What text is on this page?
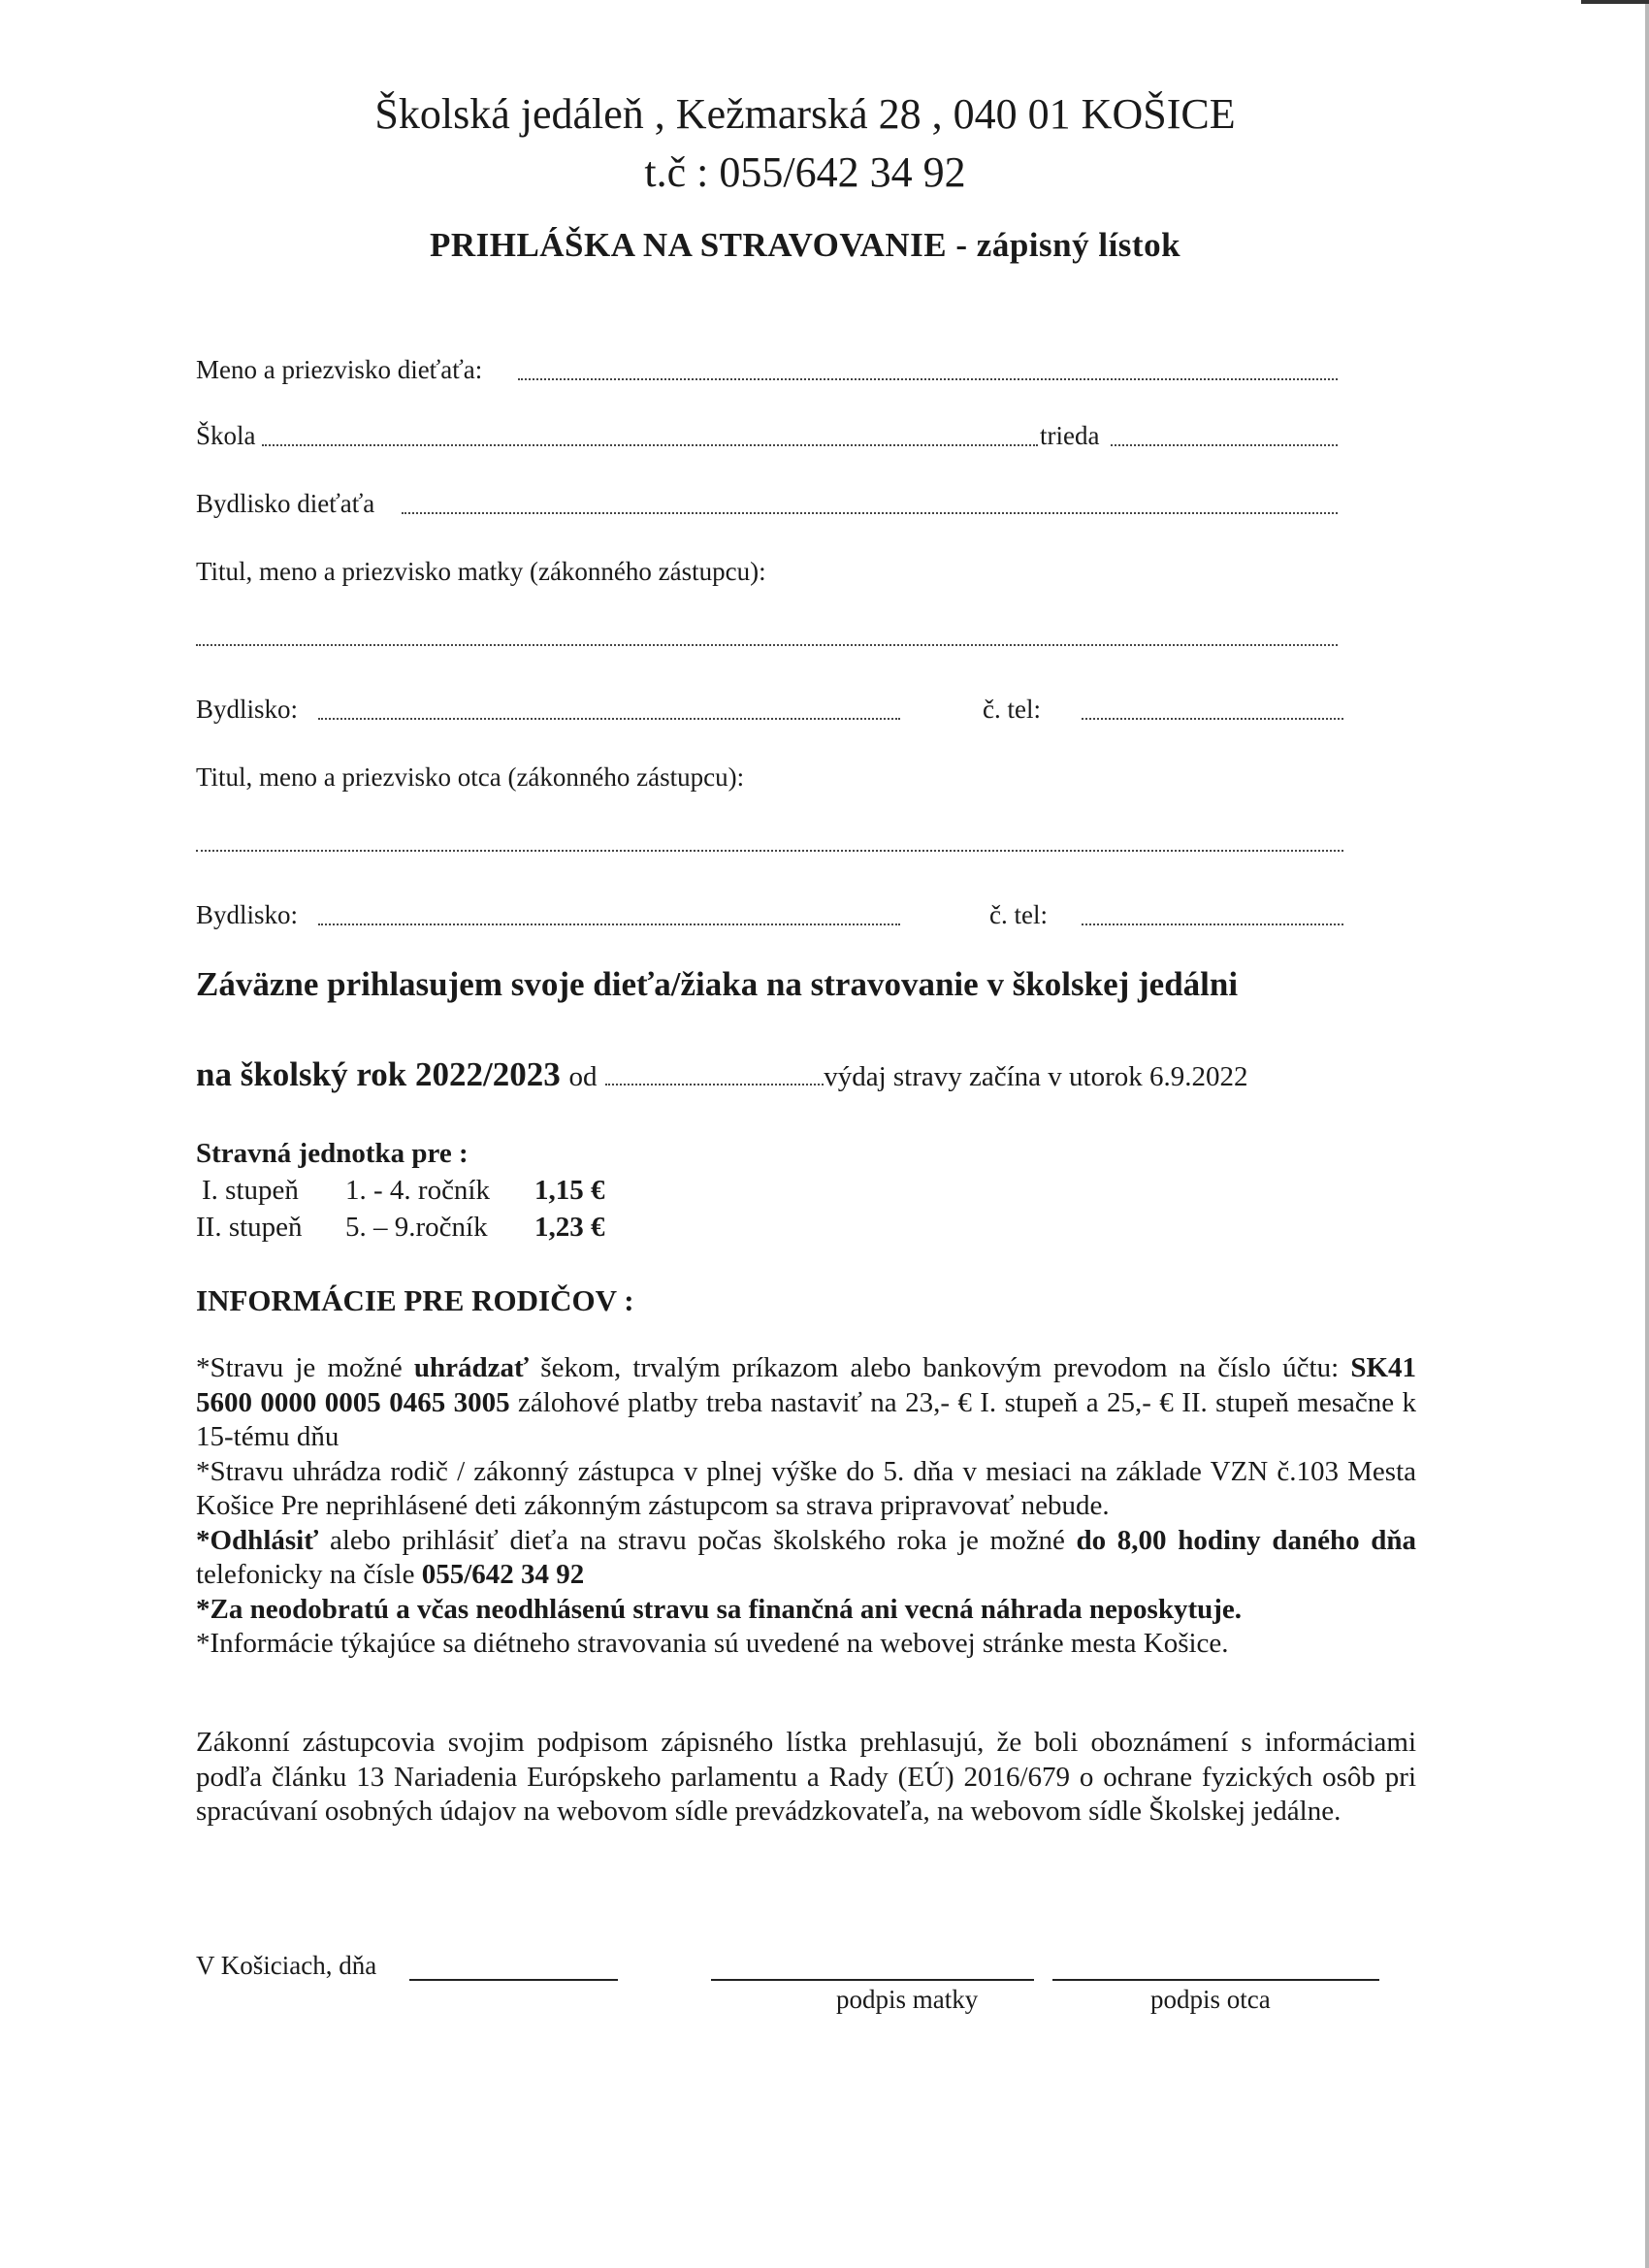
Školská jedáleň , Kežmarská 28 , 040 01 KOŠICE
t.č : 055/642 34 92
PRIHLÁŠKA NA STRAVOVANIE - zápisný lístok
Meno a priezvisko dieťaťa:
Škola	trieda
Bydlisko dieťaťa
Titul, meno a priezvisko matky (zákonného zástupcu):
Bydlisko:	č. tel:
Titul, meno a priezvisko otca (zákonného zástupcu):
Bydlisko:	č. tel:
Záväzne prihlasujem svoje dieťa/žiaka na stravovanie v školskej jedálni
na školský rok 2022/2023 od	výdaj stravy začína v utorok 6.9.2022
Stravná jednotka pre :
I. stupeň 1. - 4. ročník 1,15 €
II. stupeň 5. – 9.ročník 1,23 €
INFORMÁCIE PRE RODIČOV :

*Stravu je možné uhrádzať šekom, trvalým príkazom alebo bankovým prevodom na číslo účtu: SK41 5600 0000 0005 0465 3005 zálohové platby treba nastaviť na 23,- € I. stupeň a 25,- € II. stupeň mesačne k 15-tému dňu

*Stravu uhrádza rodič / zákonný zástupca v plnej výške do 5. dňa v mesiaci na základe VZN č.103 Mesta Košice Pre neprihlásené deti zákonným zástupcom sa strava pripravovať nebude.

*Odhlásiť alebo prihlásiť dieťa na stravu počas školského roka je možné do 8,00 hodiny daného dňa telefonicky na čísle 055/642 34 92

*Za neodobratú a včas neodhlásenú stravu sa finančná ani vecná náhrada neposkytuje.

*Informácie týkajúce sa diétneho stravovania sú uvedené na webovej stránke mesta Košice.

Zákonní zástupcovia svojim podpisom zápisného lístka prehlasujú, že boli oboznámení s informáciami podľa článku 13 Nariadenia Európskeho parlamentu a Rady (EÚ) 2016/679 o ochrane fyzických osôb pri spracúvaní osobných údajov na webovom sídle prevádzkovateľa, na webovom sídle Školskej jedálne.
V Košiciach, dňa
podpis matky	podpis otca
